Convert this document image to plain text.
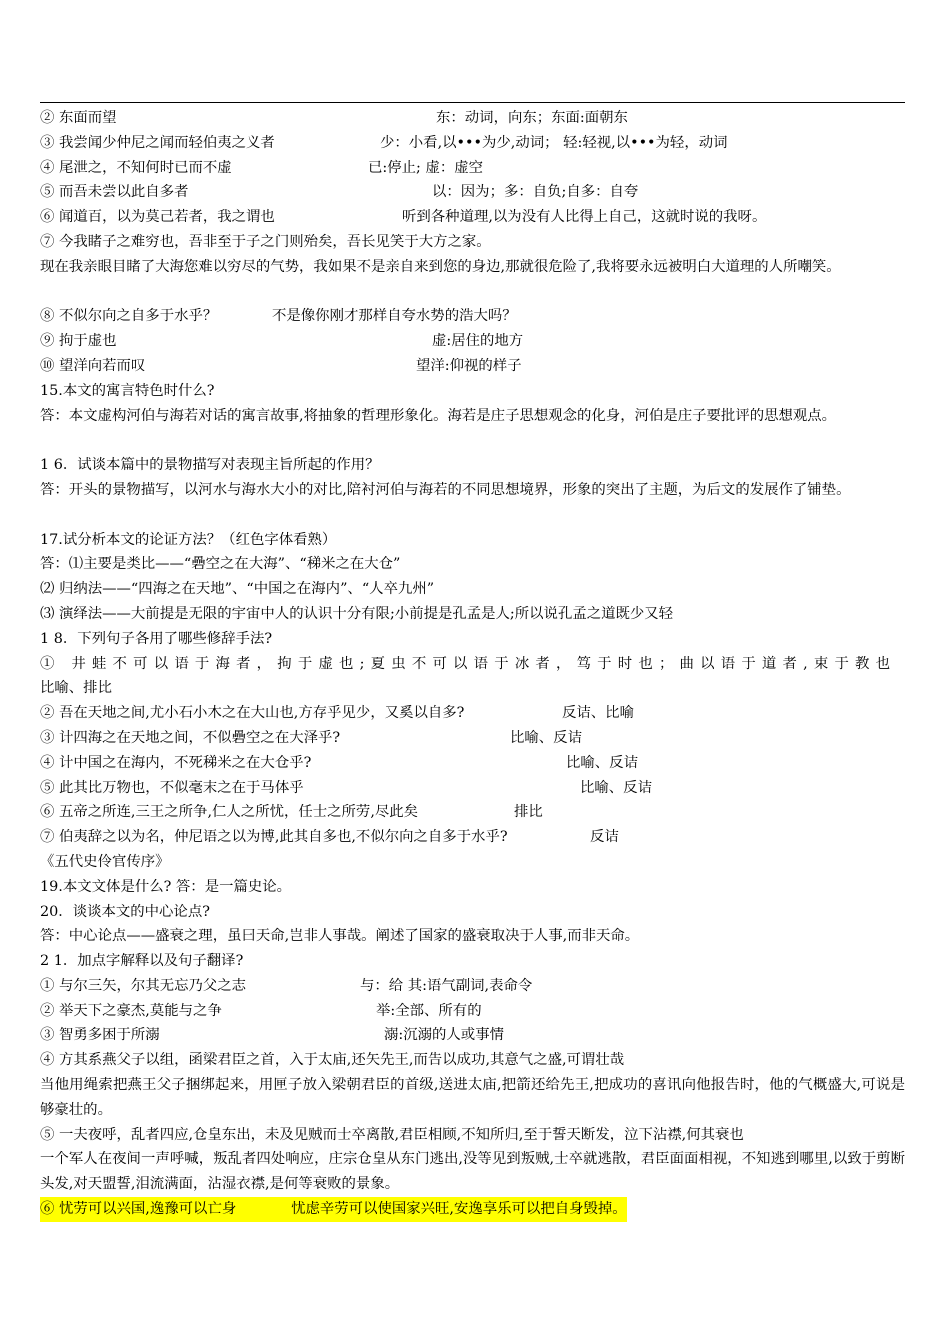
② 东面而望	东：动词，向东；东面:面朝东
③ 我尝闻少仲尼之闻而轻伯夷之义者	少：小看,以•••为少,动词； 轻:轻视,以•••为轻，动词
④ 尾泄之，不知何时已而不虚	已:停止; 虚：虚空
⑤ 而吾未尝以此自多者	以：因为；多：自负;自多：自夸
⑥ 闻道百，以为莫己若者，我之谓也	听到各种道理,以为没有人比得上自己，这就时说的我呀。
⑦ 今我睹子之难穷也，吾非至于子之门则殆矣，吾长见笑于大方之家。
现在我亲眼目睹了大海您难以穷尽的气势，我如果不是亲自来到您的身边,那就很危险了,我将要永远被明白大道理的人所嘲笑。
⑧ 不似尔向之自多于水乎？	不是像你刚才那样自夸水势的浩大吗？
⑨ 拘于虚也	虚:居住的地方
⑩ 望洋向若而叹	望洋:仰视的样子
15.本文的寓言特色时什么?
答：本文虚构河伯与海若对话的寓言故事,将抽象的哲理形象化。海若是庄子思想观念的化身，河伯是庄子要批评的思想观点。
1 6．试谈本篇中的景物描写对表现主旨所起的作用？
答：开头的景物描写，以河水与海水大小的对比,陪衬河伯与海若的不同思想境界，形象的突出了主题，为后文的发展作了铺垫。
17.试分析本文的论证方法？（红色字体看熟）
答：⑴主要是类比——“礨空之在大海”、“稊米之在大仓”
⑵ 归纳法——“四海之在天地”、“中国之在海内”、“人卒九州”
⑶ 演绎法——大前提是无限的宇宙中人的认识十分有限;小前提是孔孟是人;所以说孔孟之道既少又轻
1 8．下列句子各用了哪些修辞手法?
① 井蛙不可以语于海者，拘于虚也;夏虫不可以语于冰者，笃于时也；曲以语于道者,束于教也
比喻、排比
② 吾在天地之间,尤小石小木之在大山也,方存乎见少，又奚以自多?	反诘、比喻
③ 计四海之在天地之间，不似礨空之在大泽乎?	比喻、反诘
④ 计中国之在海内，不死稊米之在大仓乎?	比喻、反诘
⑤ 此其比万物也，不似毫末之在于马体乎	比喻、反诘
⑥ 五帝之所连,三王之所争,仁人之所忧，任士之所劳,尽此矣	排比
⑦ 伯夷辞之以为名，仲尼语之以为博,此其自多也,不似尔向之自多于水乎?	反诘
《五代史伶官传序》
19.本文文体是什么? 答：是一篇史论。
20．谈谈本文的中心论点?
答：中心论点——盛衰之理，虽曰天命,岂非人事哉。阐述了国家的盛衰取决于人事,而非天命。
2 1．加点字解释以及句子翻译?
① 与尔三矢，尔其无忘乃父之志	与：给 其:语气副词,表命令
② 举天下之豪杰,莫能与之争	举:全部、所有的
③ 智勇多困于所溺	溺:沉溺的人或事情
④ 方其系燕父子以组，函梁君臣之首，入于太庙,还矢先王,而告以成功,其意气之盛,可谓壮哉
当他用绳索把燕王父子捆绑起来，用匣子放入梁朝君臣的首级,送进太庙,把箭还给先王,把成功的喜讯向他报告时，他的气概盛大,可说是够豪壮的。
⑤ 一夫夜呼，乱者四应,仓皇东出，未及见贼而士卒离散,君臣相顾,不知所归,至于誓天断发，泣下沾襟,何其衰也
一个军人在夜间一声呼喊，叛乱者四处响应，庄宗仓皇从东门逃出,没等见到叛贼,士卒就逃散，君臣面面相视，不知逃到哪里,以致于剪断头发,对天盟誓,泪流满面，沾湿衣襟,是何等衰败的景象。
⑥ 忧劳可以兴国,逸豫可以亡身            忧虑辛劳可以使国家兴旺,安逸享乐可以把自身毁掉。
